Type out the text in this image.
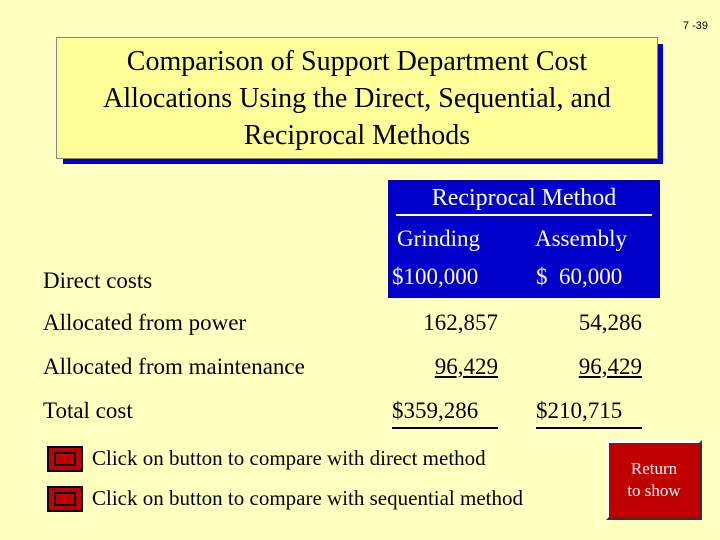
7 -39
Comparison of Support Department Cost
Allocations Using the Direct, Sequential, and
Reciprocal Methods
Reciprocal Method
Grinding Assembly
Direct costs	$100,000	$  60,000
Allocated from power	162,857	54,286
Allocated from maintenance	96,429	96,429
Total cost	$359,286	$210,715
Click on button to compare with direct method
Click on button to compare with sequential method
Return
to show
